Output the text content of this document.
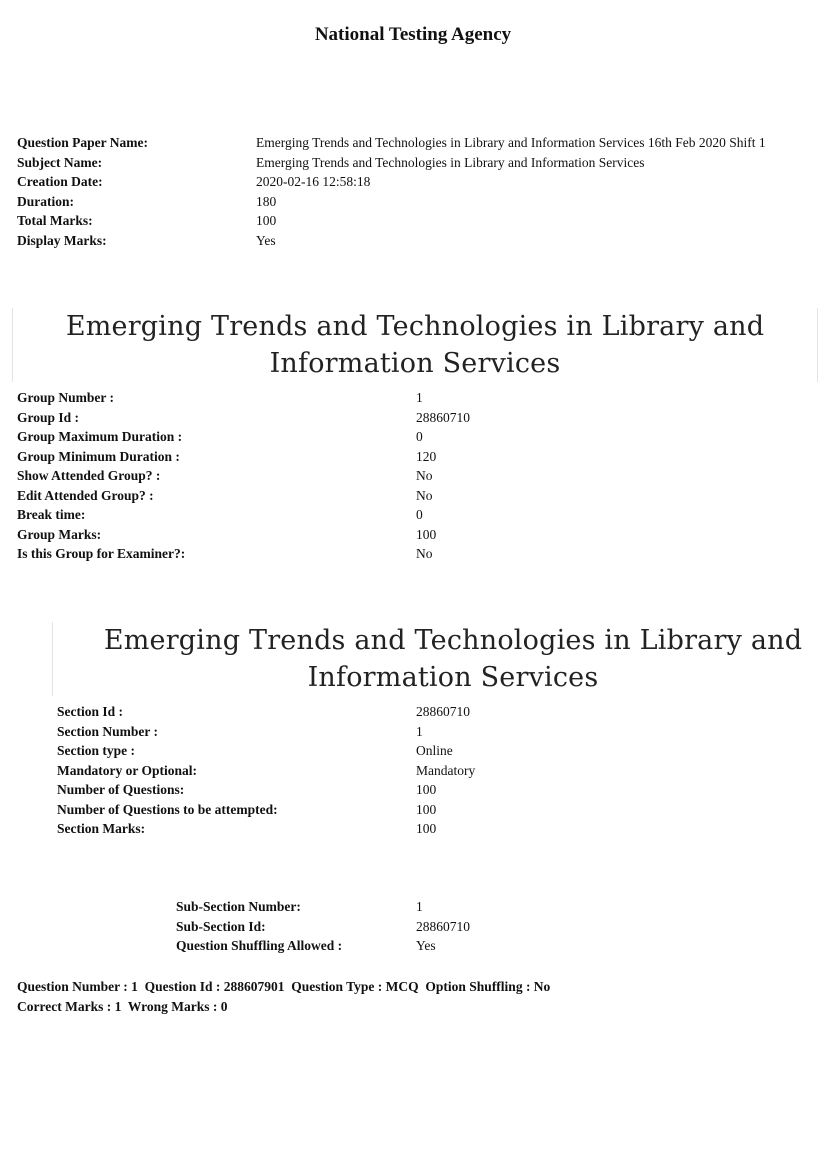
National Testing Agency
Question Paper Name:	Emerging Trends and Technologies in Library and Information Services 16th Feb 2020 Shift 1
Subject Name:	Emerging Trends and Technologies in Library and Information Services
Creation Date:	2020-02-16 12:58:18
Duration:	180
Total Marks:	100
Display Marks:	Yes
Emerging Trends and Technologies in Library and
Information Services
Group Number :	1
Group Id :	28860710
Group Maximum Duration :	0
Group Minimum Duration :	120
Show Attended Group? :	No
Edit Attended Group? :	No
Break time:	0
Group Marks:	100
Is this Group for Examiner?:	No
Emerging Trends and Technologies in Library and
Information Services
Section Id :	28860710
Section Number :	1
Section type :	Online
Mandatory or Optional:	Mandatory
Number of Questions:	100
Number of Questions to be attempted:	100
Section Marks:	100
Sub-Section Number:	1
Sub-Section Id:	28860710
Question Shuffling Allowed :	Yes
Question Number : 1  Question Id : 288607901  Question Type : MCQ  Option Shuffling : No
Correct Marks : 1  Wrong Marks : 0
